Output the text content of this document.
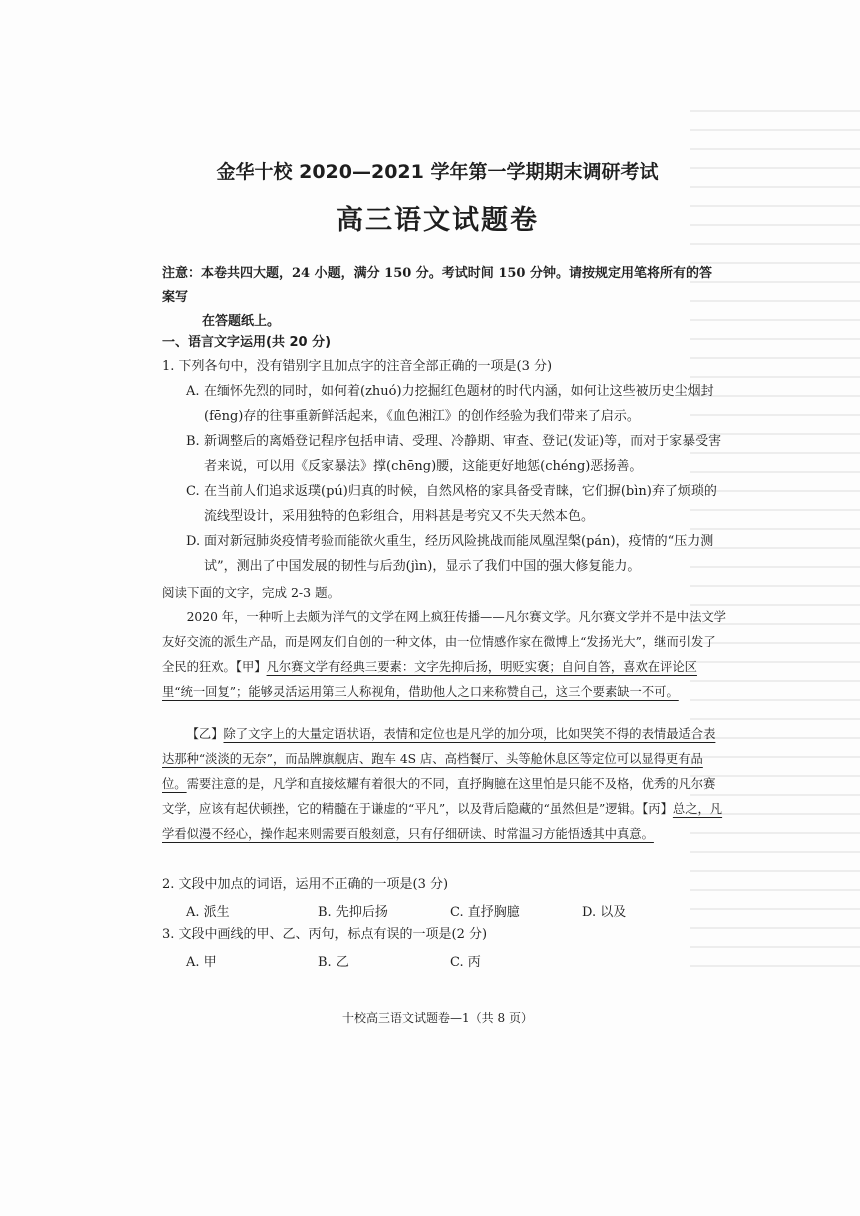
金华十校 2020—2021 学年第一学期期末调研考试
高三语文试题卷
注意：本卷共四大题，24 小题，满分 150 分。考试时间 150 分钟。请按规定用笔将所有的答案写
在答题纸上。
一、语言文字运用(共 20 分)
1. 下列各句中，没有错别字且加点字的注音全部正确的一项是(3 分)
A. 在缅怀先烈的同时，如何着(zhuó)力挖掘红色题材的时代内涵，如何让这些被历史尘烟封(fēng)存的往事重新鲜活起来，《血色湘江》的创作经验为我们带来了启示。
B. 新调整后的离婚登记程序包括申请、受理、冷静期、审查、登记(发证)等，而对于家暴受害者来说，可以用《反家暴法》撑(chēng)腰，这能更好地惩(chéng)恶扬善。
C. 在当前人们追求返璞(pú)归真的时候，自然风格的家具备受青睐，它们摒(bìn)弃了烦琐的流线型设计，采用独特的色彩组合，用料甚是考究又不失天然本色。
D. 面对新冠肺炎疫情考验而能欲火重生，经历风险挑战而能凤凰涅槃(pán)，疫情的“压力测试”，测出了中国发展的韧性与后劲(jìn)，显示了我们中国的强大修复能力。
阅读下面的文字，完成 2-3 题。
2020 年，一种听上去颇为洋气的文学在网上疯狂传播——凡尔赛文学。凡尔赛文学并不是中法文学友好交流的派生产品，而是网友们自创的一种文体，由一位情感作家在微博上“发扬光大”，继而引发了全民的狂欢。【甲】凡尔赛文学有经典三要素：文字先抑后扬，明贬实褒；自问自答，喜欢在评论区里“统一回复”；能够灵活运用第三人称视角，借助他人之口来称赞自己，这三个要素缺一不可。
【乙】除了文字上的大量定语状语，表情和定位也是凡学的加分项，比如哭笑不得的表情最适合表达那种“淡淡的无奈”，而品牌旗舰店、跑车 4S 店、高档餐厅、头等舱休息区等定位可以显得更有品位。需要注意的是，凡学和直接炫耀有着很大的不同，直抒胸臆在这里怕是只能不及格，优秀的凡尔赛文学，应该有起伏顿挫，它的精髓在于谦虚的“平凡”，以及背后隐藏的“虽然但是”逻辑。【丙】总之，凡学看似漫不经心，操作起来则需要百般刻意，只有仔细研读、时常温习方能悟透其中真意。
2. 文段中加点的词语，运用不正确的一项是(3 分)
A. 派生	B. 先抑后扬	C. 直抒胸臆	D. 以及
3. 文段中画线的甲、乙、丙句，标点有误的一项是(2 分)
A. 甲	B. 乙	C. 丙
十校高三语文试题卷—1（共 8 页）
